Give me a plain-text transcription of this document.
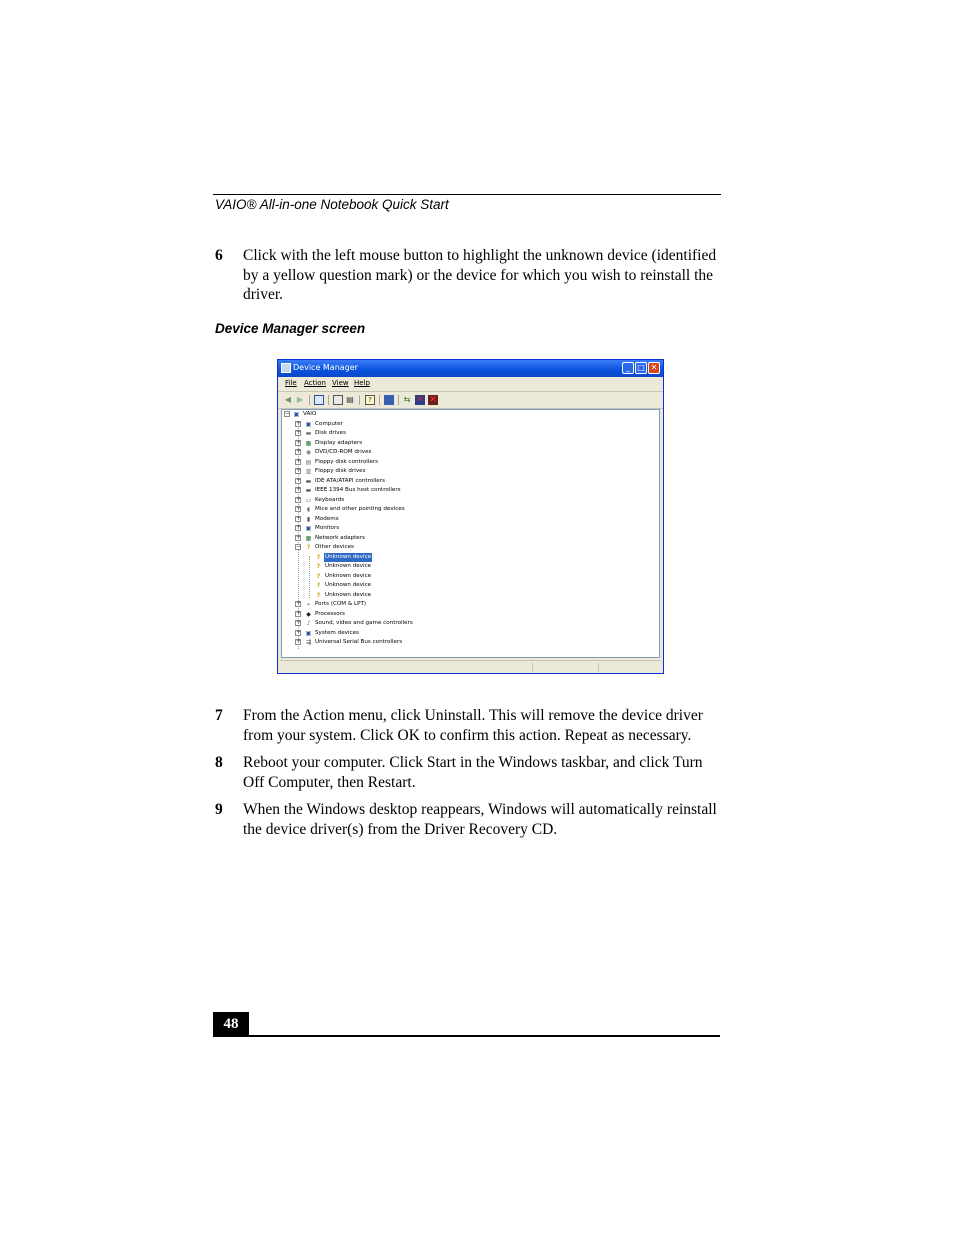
VAIO® All-in-one Notebook Quick Start
6 Click with the left mouse button to highlight the unknown device (identified by a yellow question mark) or the device for which you wish to reinstall the driver.
Device Manager screen
Device Manager	_ □ ✕
File Action View Help
◀ ▶	▤	?	⇆ ✕ ✕
− ▣ VAIO
+ ▣ Computer
+ ▬ Disk drives
+ ▦ Display adapters
+ ◉ DVD/CD-ROM drives
+ ▤ Floppy disk controllers
+ ▥ Floppy disk drives
+ ▬ IDE ATA/ATAPI controllers
+ ▬ IEEE 1394 Bus host controllers
+ ▭ Keyboards
+ ◖ Mice and other pointing devices
+ ▮ Modems
+ ▣ Monitors
+ ▦ Network adapters
− ? Other devices
? Unknown device
? Unknown device
? Unknown device
? Unknown device
? Unknown device
+ ⌁ Ports (COM & LPT)
+ ◆ Processors
+ ♪ Sound, video and game controllers
+ ▣ System devices
+ ⇶ Universal Serial Bus controllers
7 From the Action menu, click Uninstall. This will remove the device driver from your system. Click OK to confirm this action. Repeat as necessary.
8 Reboot your computer. Click Start in the Windows taskbar, and click Turn Off Computer, then Restart.
9 When the Windows desktop reappears, Windows will automatically reinstall the device driver(s) from the Driver Recovery CD.
48
